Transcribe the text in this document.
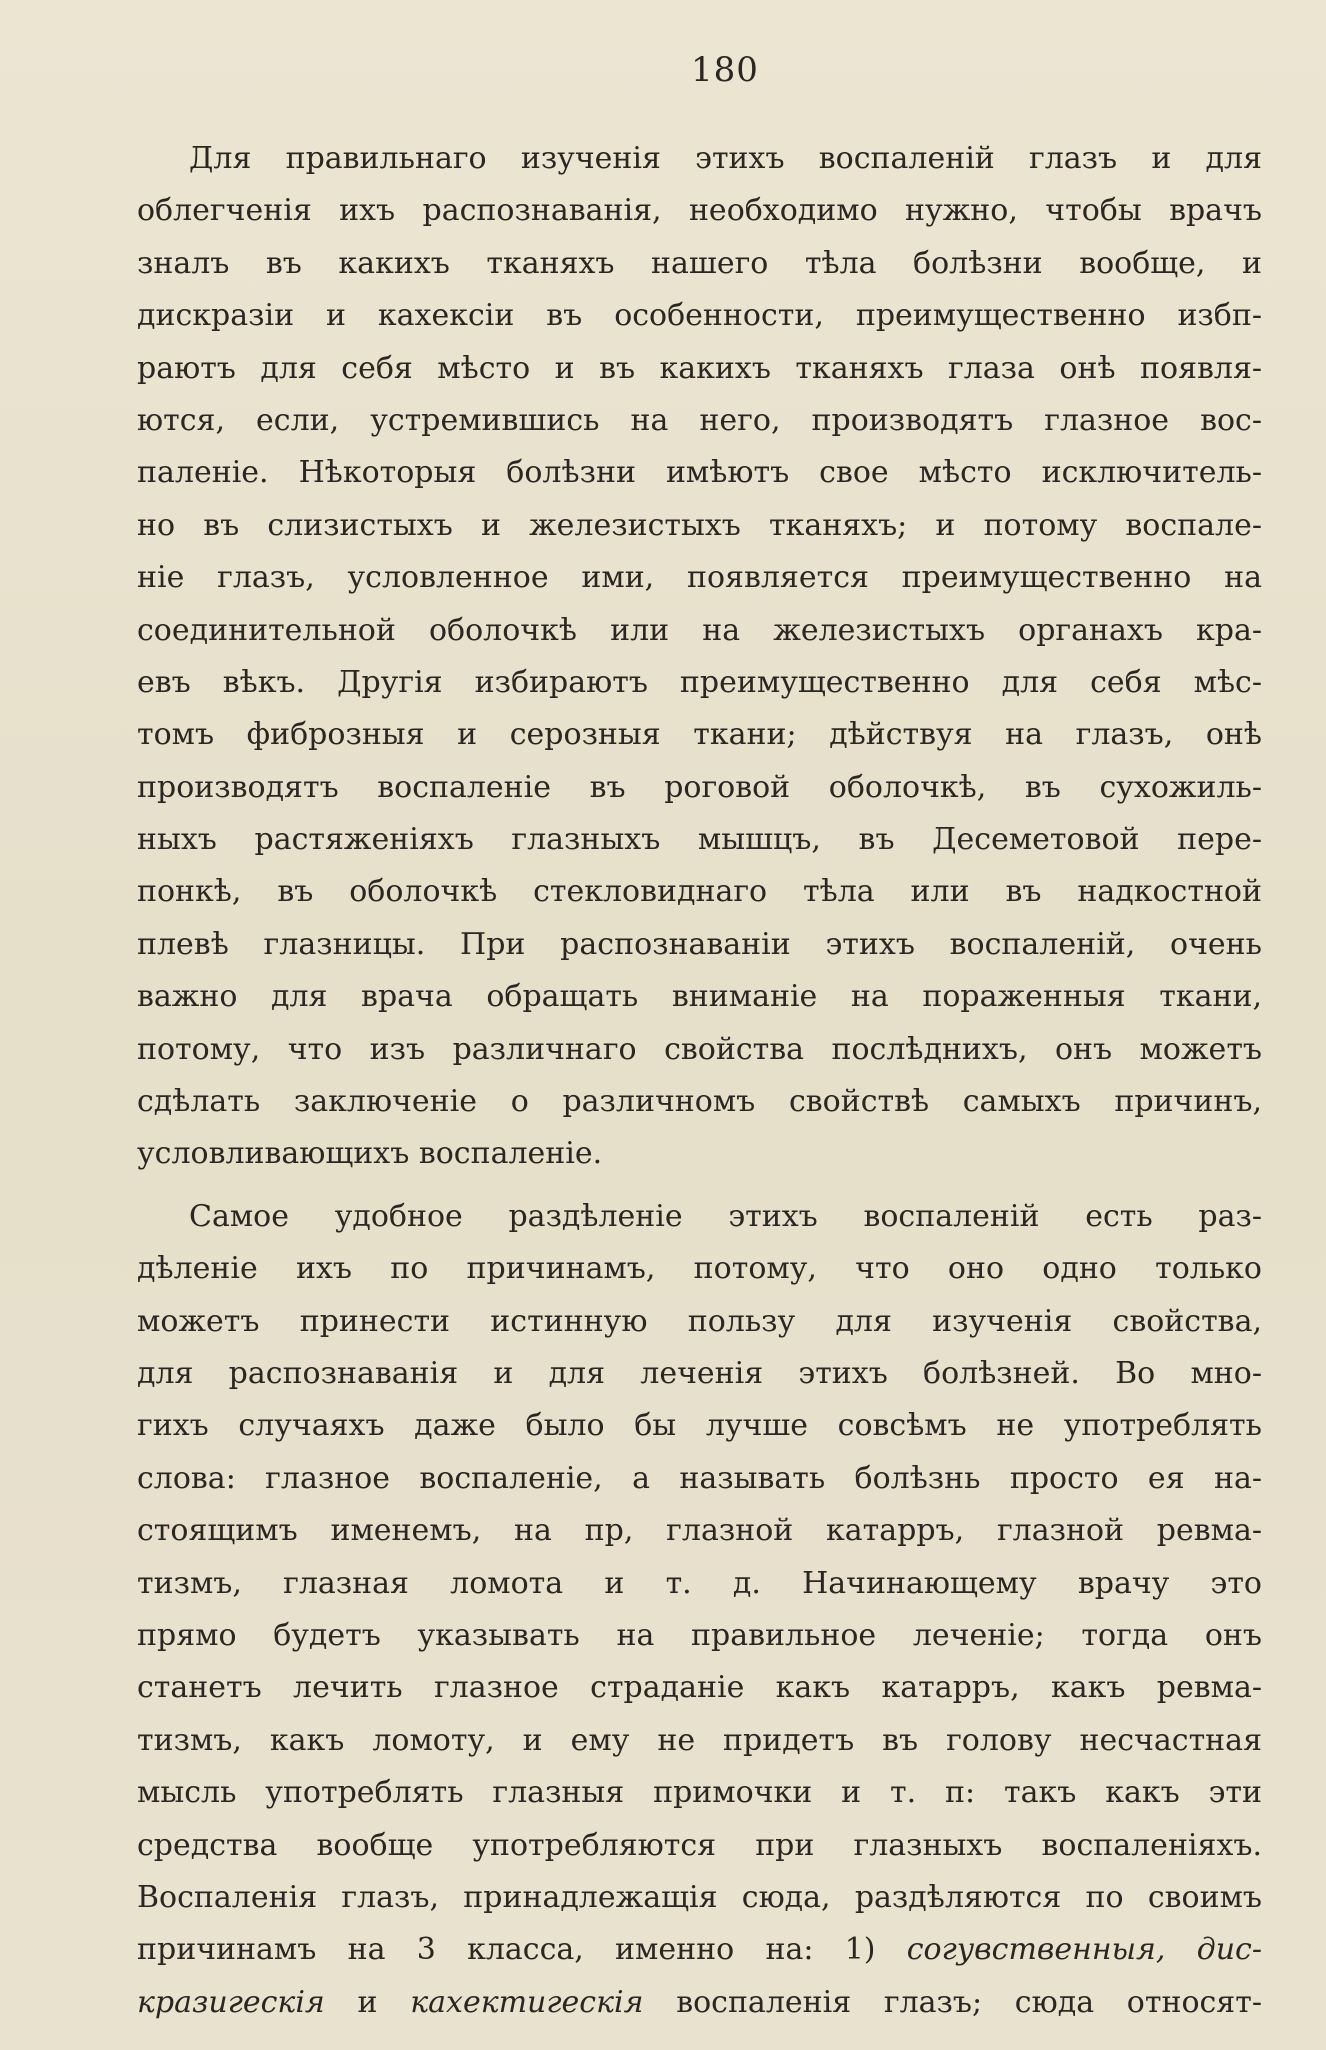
180
Для правильнаго изученія этихъ воспаленій глазъ и для
облегченія ихъ распознаванія, необходимо нужно, чтобы врачъ
зналъ въ какихъ тканяхъ нашего тѣла болѣзни вообще, и
дискразіи и кахексіи въ особенности, преимущественно избп-
раютъ для себя мѣсто и въ какихъ тканяхъ глаза онѣ появля-
ются, если, устремившись на него, производятъ глазное вос-
паленіе. Нѣкоторыя болѣзни имѣютъ свое мѣсто исключитель-
но въ слизистыхъ и железистыхъ тканяхъ; и потому воспале-
ніе глазъ, условленное ими, появляется преимущественно на
соединительной оболочкѣ или на железистыхъ органахъ кра-
евъ вѣкъ. Другія избираютъ преимущественно для себя мѣс-
томъ фиброзныя и серозныя ткани; дѣйствуя на глазъ, онѣ
производятъ воспаленіе въ роговой оболочкѣ, въ сухожиль-
ныхъ растяженіяхъ глазныхъ мышцъ, въ Десеметовой пере-
понкѣ, въ оболочкѣ стекловиднаго тѣла или въ надкостной
плевѣ глазницы. При распознаваніи этихъ воспаленій, очень
важно для врача обращать вниманіе на пораженныя ткани,
потому, что изъ различнаго свойства послѣднихъ, онъ можетъ
сдѣлать заключеніе о различномъ свойствѣ самыхъ причинъ,
условливающихъ воспаленіе.
Самое удобное раздѣленіе этихъ воспаленій есть раз-
дѣленіе ихъ по причинамъ, потому, что оно одно только
можетъ принести истинную пользу для изученія свойства,
для распознаванія и для леченія этихъ болѣзней. Во мно-
гихъ случаяхъ даже было бы лучше совсѣмъ не употреблять
слова: глазное воспаленіе, а называть болѣзнь просто ея на-
стоящимъ именемъ, на пр, глазной катарръ, глазной ревма-
тизмъ, глазная ломота и т. д. Начинающему врачу это
прямо будетъ указывать на правильное леченіе; тогда онъ
станетъ лечить глазное страданіе какъ катарръ, какъ ревма-
тизмъ, какъ ломоту, и ему не придетъ въ голову несчастная
мысль употреблять глазныя примочки и т. п: такъ какъ эти
средства вообще употребляются при глазныхъ воспаленіяхъ.
Воспаленія глазъ, принадлежащія сюда, раздѣляются по своимъ
причинамъ на 3 класса, именно на: 1) согувственныя, дис-
кразигескія и кахектигескія воспаленія глазъ; сюда относят-
